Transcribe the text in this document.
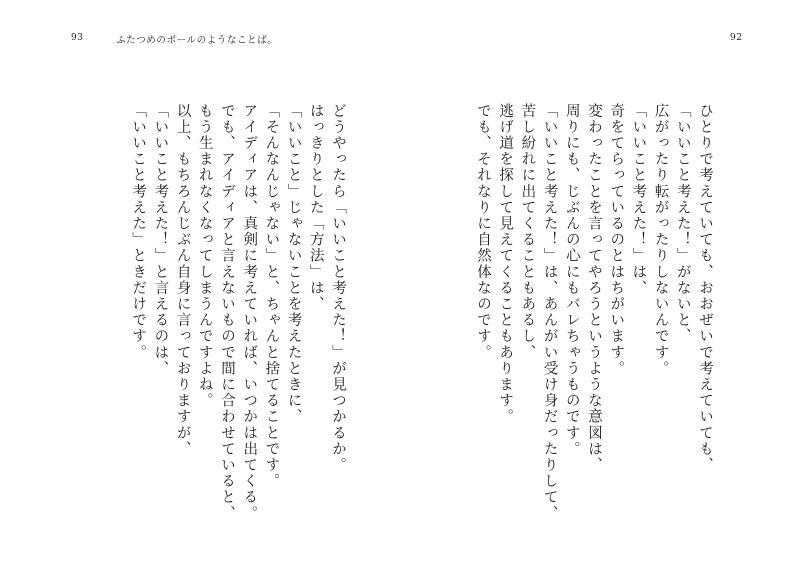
93	ふたつめのボールのようなことば。	92
ひとりで考えていても、おおぜいで考えていても、
「いいこと考えた！」がないと、
広がったり転がったりしないんです。
「いいこと考えた！」は、
奇をてらっているのとはちがいます。
変わったことを言ってやろうというような意図は、
周りにも、じぶんの心にもバレちゃうものです。
「いいこと考えた！」は、あんがい受け身だったりして、
苦し紛れに出てくることもあるし、
逃げ道を探して見えてくることもあります。
でも、それなりに自然体なのです。
どうやったら「いいこと考えた！」が見つかるか。
はっきりとした「方法」は、
「いいこと」じゃないことを考えたときに、
「そんなんじゃない」と、ちゃんと捨てることです。
アイディアは、真剣に考えていれば、いつかは出てくる。
でも、アイディアと言えないもので間に合わせていると、
もう生まれなくなってしまうんですよね。
以上、もちろんじぶん自身に言っておりますが、
「いいこと考えた！」と言えるのは、
「いいこと考えた」ときだけです。
